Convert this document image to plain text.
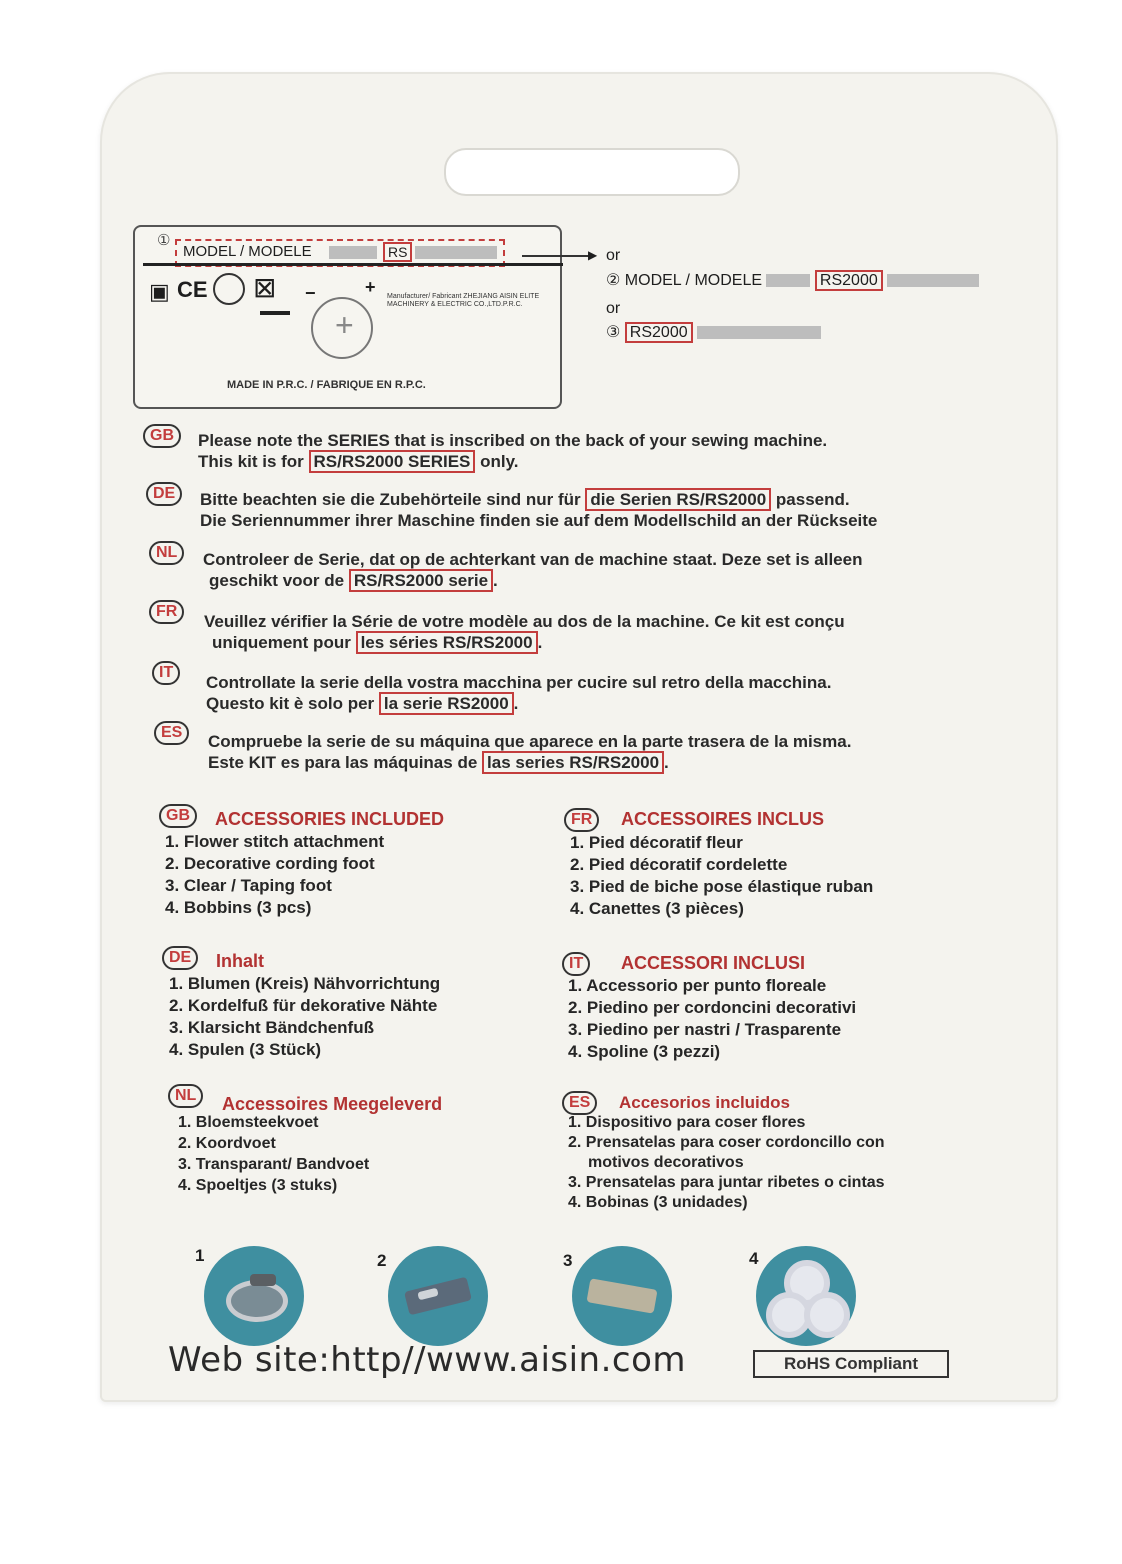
①
MODEL / MODELE	RS
▣ CE ⊠ −	+
+
Manufacturer/ Fabricant ZHEJIANG AISIN ELITE MACHINERY & ELECTRIC CO.,LTD.P.R.C.
MADE IN P.R.C. / FABRIQUE EN R.P.C.
▶ or
② MODEL / MODELE	RS2000
or
③ RS2000
GB	Please note the SERIES that is inscribed on the back of your sewing machine.
This kit is for RS/RS2000 SERIES only.
DE	Bitte beachten sie die Zubehörteile sind nur für die Serien RS/RS2000 passend.
Die Seriennummer ihrer Maschine finden sie auf dem Modellschild an der Rückseite
NL	Controleer de Serie, dat op de achterkant van de machine staat. Deze set is alleen
geschikt voor de RS/RS2000 serie .
FR
Veuillez vérifier la Série de votre modèle au dos de la machine. Ce kit est conçu
uniquement pour les séries RS/RS2000 .
IT
Controllate la serie della vostra macchina per cucire sul retro della macchina.
Questo kit è solo per la serie RS2000 .
ES	Compruebe la serie de su máquina que aparece en la parte trasera de la misma.
Este KIT es para las máquinas de las series RS/RS2000 .
GB	ACCESSORIES INCLUDED
1. Flower stitch attachment
2. Decorative cording foot
3. Clear / Taping foot
4. Bobbins (3 pcs)
FR	ACCESSOIRES INCLUS
1. Pied décoratif fleur
2. Pied décoratif cordelette
3. Pied de biche pose élastique ruban
4. Canettes (3 pièces)
DE	Inhalt
1. Blumen (Kreis) Nähvorrichtung
2. Kordelfuß für dekorative Nähte
3. Klarsicht Bändchenfuß
4. Spulen (3 Stück)
IT	ACCESSORI INCLUSI
1. Accessorio per punto floreale
2. Piedino per cordoncini decorativi
3. Piedino per nastri / Trasparente
4. Spoline (3 pezzi)
NL	Accessoires Meegeleverd
1. Bloemsteekvoet
2. Koordvoet
3. Transparant/ Bandvoet
4. Spoeltjes (3 stuks)
ES	Accesorios incluidos
1. Dispositivo para coser flores
2. Prensatelas para coser cordoncillo con
motivos decorativos
3. Prensatelas para juntar ribetes o cintas
4. Bobinas (3 unidades)
1	2	3	4
Web site:http//www.aisin.com	RoHS Compliant
